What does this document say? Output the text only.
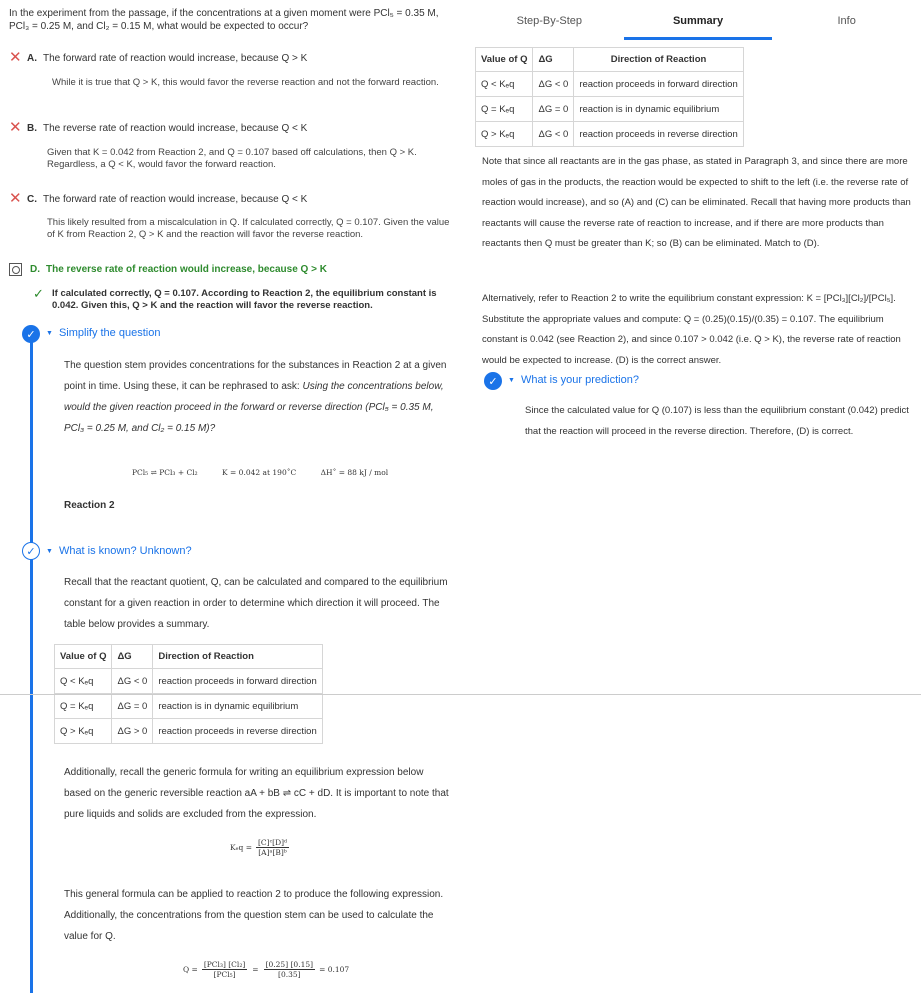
In the experiment from the passage, if the concentrations at a given moment were PCl₅ = 0.35 M,
PCl₃ = 0.25 M, and Cl₂ = 0.15 M, what would be expected to occur?
✕ A. The forward rate of reaction would increase, because Q > K
While it is true that Q > K, this would favor the reverse reaction and not the forward reaction.
✕ B. The reverse rate of reaction would increase, because Q < K
Given that K = 0.042 from Reaction 2, and Q = 0.107 based off calculations, then Q > K. Regardless, a Q < K, would favor the forward reaction.
✕ C. The forward rate of reaction would increase, because Q < K
This likely resulted from a miscalculation in Q. If calculated correctly, Q = 0.107. Given the value of K from Reaction 2, Q > K and the reaction will favor the reverse reaction.
D. The reverse rate of reaction would increase, because Q > K
✓ If calculated correctly, Q = 0.107. According to Reaction 2, the equilibrium constant is 0.042. Given this, Q > K and the reaction will favor the reverse reaction.
✓	▼ Simplify the question
The question stem provides concentrations for the substances in Reaction 2 at a given point in time. Using these, it can be rephrased to ask: Using the concentrations below, would the given reaction proceed in the forward or reverse direction (PCl₅ = 0.35 M, PCl₃ = 0.25 M, and Cl₂ = 0.15 M)?
PCl₅ ⇌ PCl₃ + Cl₂	K = 0.042 at 190˚C	ΔH˚ = 88 kJ / mol
Reaction 2
✓	▼ What is known? Unknown?
Recall that the reactant quotient, Q, can be calculated and compared to the equilibrium constant for a given reaction in order to determine which direction it will proceed. The table below provides a summary.
Value of Q	ΔG	Direction of Reaction
Q < Kₑq	ΔG < 0	reaction proceeds in forward direction
Q = Kₑq	ΔG = 0	reaction is in dynamic equilibrium
Q > Kₑq	ΔG > 0	reaction proceeds in reverse direction
Additionally, recall the generic formula for writing an equilibrium expression below based on the generic reversible reaction aA + bB ⇌ cC + dD. It is important to note that pure liquids and solids are excluded from the expression.
$K_eq = \frac{\text{[C]ᶜ[D]ᵈ}}{\text{[A]ᵃ[B]ᵇ}}$
This general formula can be applied to reaction 2 to produce the following expression. Additionally, the concentrations from the question stem can be used to calculate the value for Q.
$Q = \frac{\text{[PCl₃] [Cl₂]}}{\text{[PCl₅]}} = \frac{[0.25] [0.15]}{[0.35]} = 0.107$
Step-By-Step	Summary	Info
Value of Q	ΔG	Direction of Reaction
Q < Kₑq	ΔG < 0	reaction proceeds in forward direction
Q = Kₑq	ΔG = 0	reaction is in dynamic equilibrium
Q > Kₑq	ΔG < 0	reaction proceeds in reverse direction
Note that since all reactants are in the gas phase, as stated in Paragraph 3, and since there are more moles of gas in the products, the reaction would be expected to shift to the left (i.e. the reverse rate of reaction would increase), and so (A) and (C) can be eliminated. Recall that having more products than reactants will cause the reverse rate of reaction to increase, and if there are more products than reactants then Q must be greater than K; so (B) can be eliminated. Match to (D).
Alternatively, refer to Reaction 2 to write the equilibrium constant expression: K = [PCl₃][Cl₂]/[PCl₅]. Substitute the appropriate values and compute: Q = (0.25)(0.15)/(0.35) = 0.107. The equilibrium constant is 0.042 (see Reaction 2), and since 0.107 > 0.042 (i.e. Q > K), the reverse rate of reaction would be expected to increase. (D) is the correct answer.
✓	▼ What is your prediction?
Since the calculated value for Q (0.107) is less than the equilibrium constant (0.042) predict that the reaction will proceed in the reverse direction. Therefore, (D) is correct.
